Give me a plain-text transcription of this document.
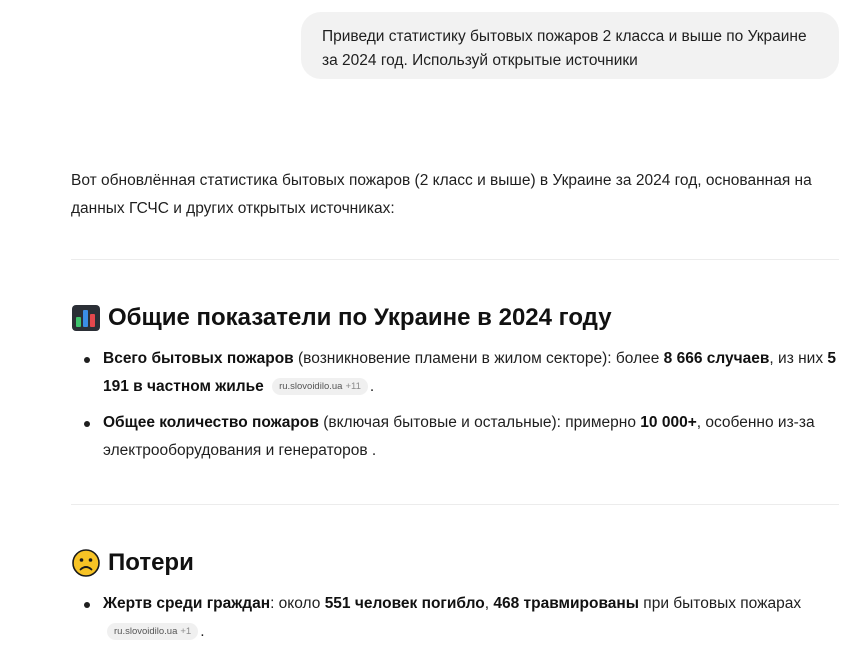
Приведи статистику бытовых пожаров 2 класса и выше по Украине за 2024 год. Используй открытые источники
Вот обновлённая статистика бытовых пожаров (2 класс и выше) в Украине за 2024 год, основанная на данных ГСЧС и других открытых источниках:
Общие показатели по Украине в 2024 году
Всего бытовых пожаров (возникновение пламени в жилом секторе): более 8 666 случаев, из них 5 191 в частном жилье ru.slovoidilo.ua +11 .
Общее количество пожаров (включая бытовые и остальные): примерно 10 000+, особенно из-за электрооборудования и генераторов .
Потери
Жертв среди граждан: около 551 человек погибло, 468 травмированы при бытовых пожарах ru.slovoidilo.ua +1 .
